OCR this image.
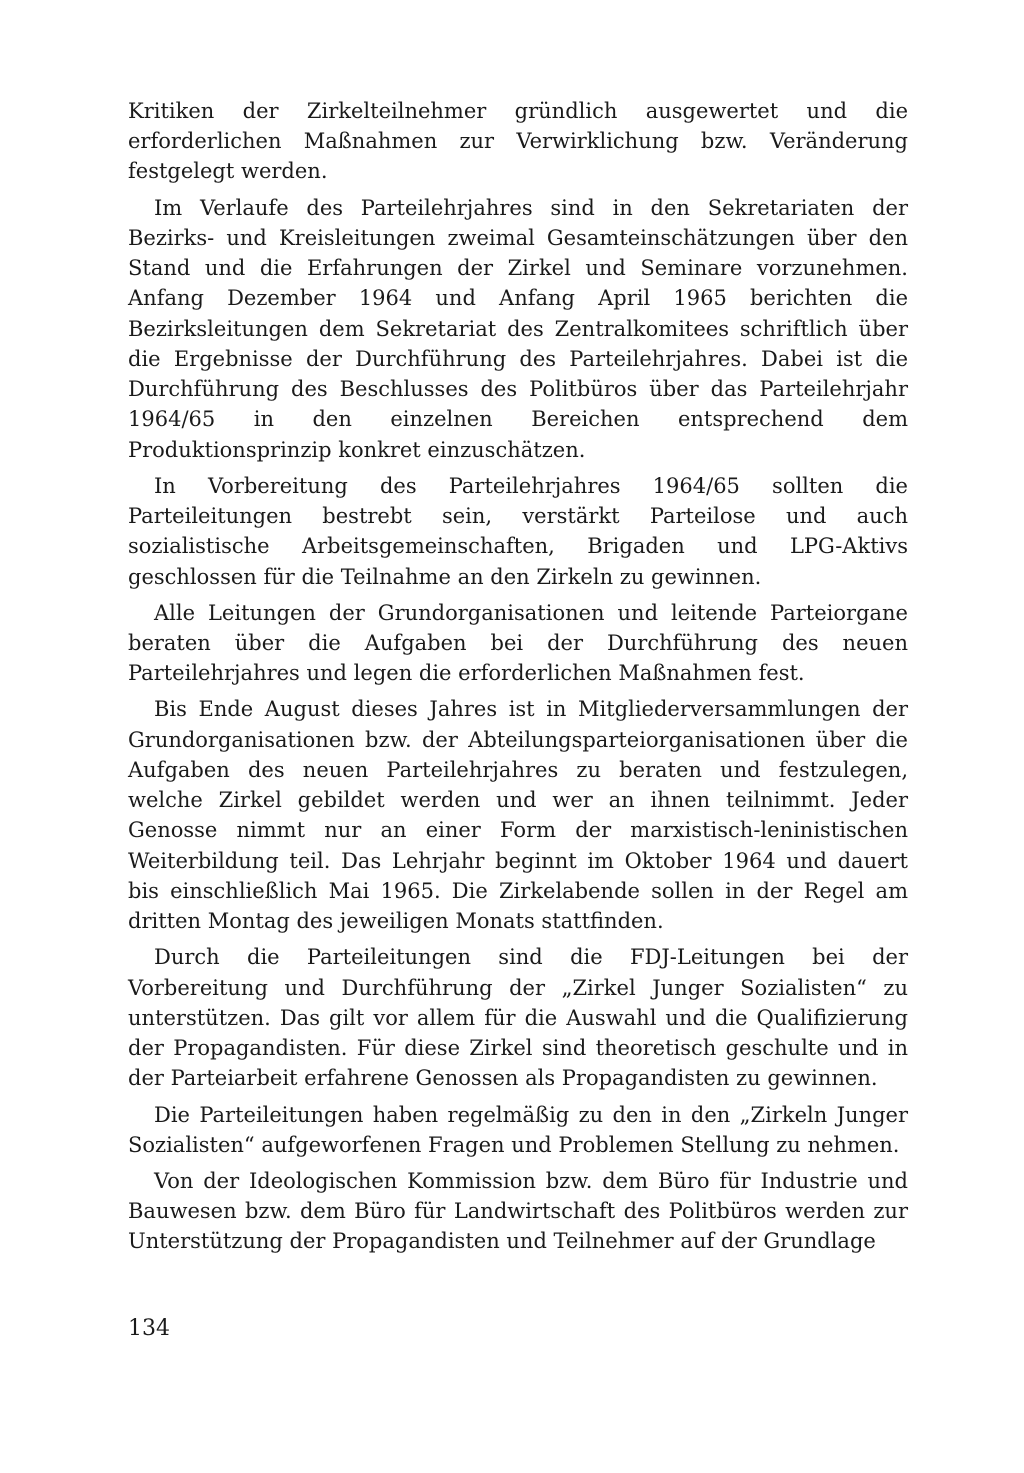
Kritiken der Zirkelteilnehmer gründlich ausgewertet und die erforderlichen Maßnahmen zur Verwirklichung bzw. Veränderung festgelegt werden.

Im Verlaufe des Parteilehrjahres sind in den Sekretariaten der Bezirks- und Kreisleitungen zweimal Gesamteinschätzungen über den Stand und die Erfahrungen der Zirkel und Seminare vorzunehmen. Anfang Dezember 1964 und Anfang April 1965 berichten die Bezirksleitungen dem Sekretariat des Zentralkomitees schriftlich über die Ergebnisse der Durchführung des Parteilehrjahres. Dabei ist die Durchführung des Beschlusses des Politbüros über das Parteilehrjahr 1964/65 in den einzelnen Bereichen entsprechend dem Produktionsprinzip konkret einzuschätzen.

In Vorbereitung des Parteilehrjahres 1964/65 sollten die Parteileitungen bestrebt sein, verstärkt Parteilose und auch sozialistische Arbeitsgemeinschaften, Brigaden und LPG-Aktivs geschlossen für die Teilnahme an den Zirkeln zu gewinnen.

Alle Leitungen der Grundorganisationen und leitende Parteiorgane beraten über die Aufgaben bei der Durchführung des neuen Parteilehrjahres und legen die erforderlichen Maßnahmen fest.

Bis Ende August dieses Jahres ist in Mitgliederversammlungen der Grundorganisationen bzw. der Abteilungsparteiorganisationen über die Aufgaben des neuen Parteilehrjahres zu beraten und festzulegen, welche Zirkel gebildet werden und wer an ihnen teilnimmt. Jeder Genosse nimmt nur an einer Form der marxistisch-leninistischen Weiterbildung teil. Das Lehrjahr beginnt im Oktober 1964 und dauert bis einschließlich Mai 1965. Die Zirkelabende sollen in der Regel am dritten Montag des jeweiligen Monats stattfinden.

Durch die Parteileitungen sind die FDJ-Leitungen bei der Vorbereitung und Durchführung der „Zirkel Junger Sozialisten“ zu unterstützen. Das gilt vor allem für die Auswahl und die Qualifizierung der Propagandisten. Für diese Zirkel sind theoretisch geschulte und in der Parteiarbeit erfahrene Genossen als Propagandisten zu gewinnen.

Die Parteileitungen haben regelmäßig zu den in den „Zirkeln Junger Sozialisten“ aufgeworfenen Fragen und Problemen Stellung zu nehmen.

Von der Ideologischen Kommission bzw. dem Büro für Industrie und Bauwesen bzw. dem Büro für Landwirtschaft des Politbüros werden zur Unterstützung der Propagandisten und Teilnehmer auf der Grundlage

134
